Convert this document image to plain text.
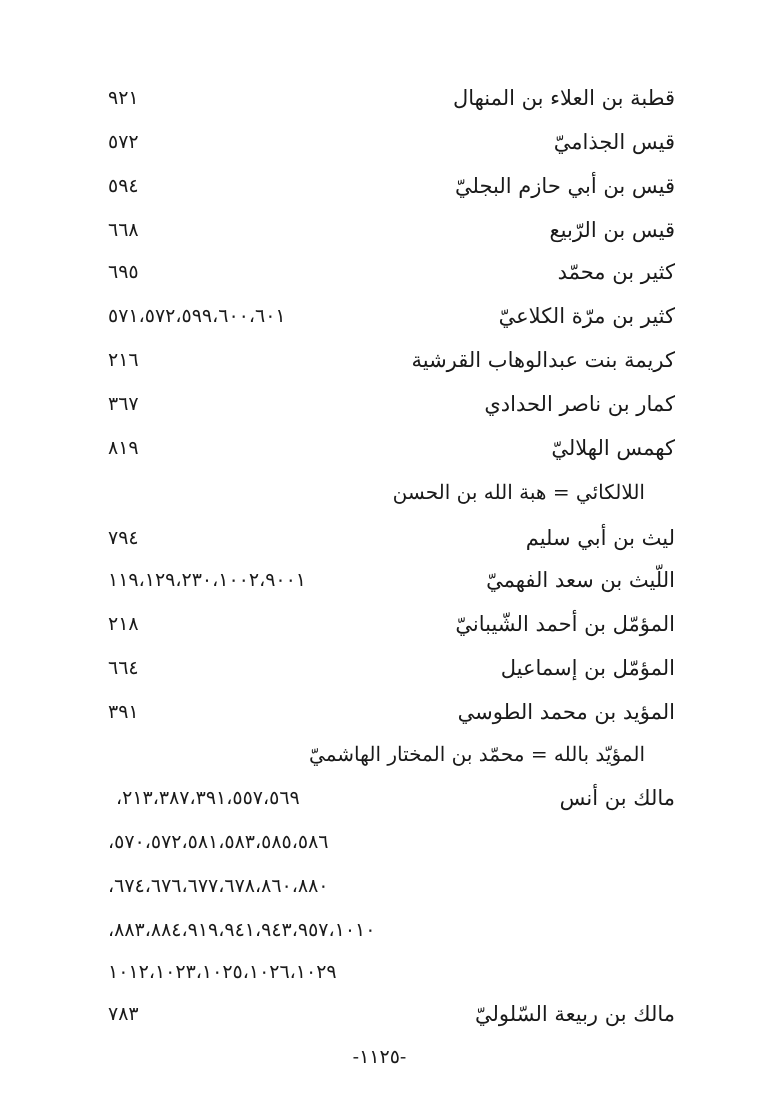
قطبة بن العلاء بن المنهال
٩٢١
قيس الجذاميّ
٥٧٢
قيس بن أبي حازم البجليّ
٥٩٤
قيس بن الرّبيع
٦٦٨
كثير بن محمّد
٦٩٥
كثير بن مرّة الكلاعيّ
٥٧١،٥٧٢،٥٩٩،٦٠٠،٦٠١
كريمة بنت عبدالوهاب القرشية
٢١٦
كمار بن ناصر الحدادي
٣٦٧
كهمس الهلاليّ
٨١٩
اللالكائي = هبة الله بن الحسن
ليث بن أبي سليم
٧٩٤
اللّيث بن سعد الفهميّ
١١٩،١٢٩،٢٣٠،١٠٠٢،٩٠٠١
المؤمّل بن أحمد الشّيبانيّ
٢١٨
المؤمّل بن إسماعيل
٦٦٤
المؤيد بن محمد الطوسي
٣٩١
المؤيّد بالله = محمّد بن المختار الهاشميّ
مالك بن أنس
٢١٣،٣٨٧،٣٩١،٥٥٧،٥٦٩،
٥٧٠،٥٧٢،٥٨١،٥٨٣،٥٨٥،٥٨٦،
٦٧٤،٦٧٦،٦٧٧،٦٧٨،٨٦٠،٨٨٠،
٨٨٣،٨٨٤،٩١٩،٩٤١،٩٤٣،٩٥٧،١٠١٠،
١٠١٢،١٠٢٣،١٠٢٥،١٠٢٦،١٠٢٩
مالك بن ربيعة السّلوليّ
٧٨٣
-١١٢٥-
